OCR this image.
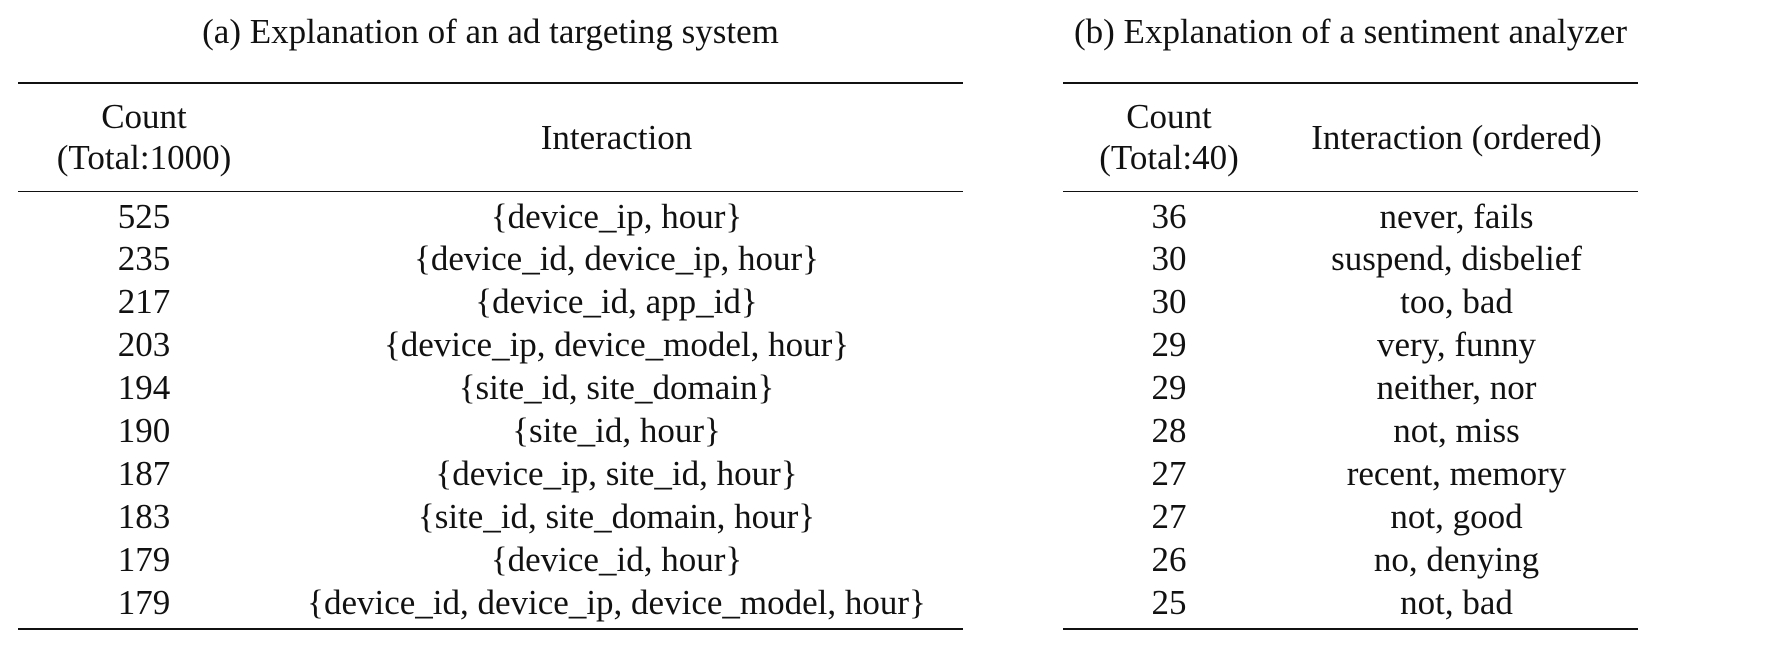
(a) Explanation of an ad targeting system
Count
(Total:1000)	Interaction
525	{device_ip, hour}
235	{device_id, device_ip, hour}
217	{device_id, app_id}
203	{device_ip, device_model, hour}
194	{site_id, site_domain}
190	{site_id, hour}
187	{device_ip, site_id, hour}
183	{site_id, site_domain, hour}
179	{device_id, hour}
179	{device_id, device_ip, device_model, hour}
(b) Explanation of a sentiment analyzer
Count
(Total:40)	Interaction (ordered)
36	never, fails
30	suspend, disbelief
30	too, bad
29	very, funny
29	neither, nor
28	not, miss
27	recent, memory
27	not, good
26	no, denying
25	not, bad
